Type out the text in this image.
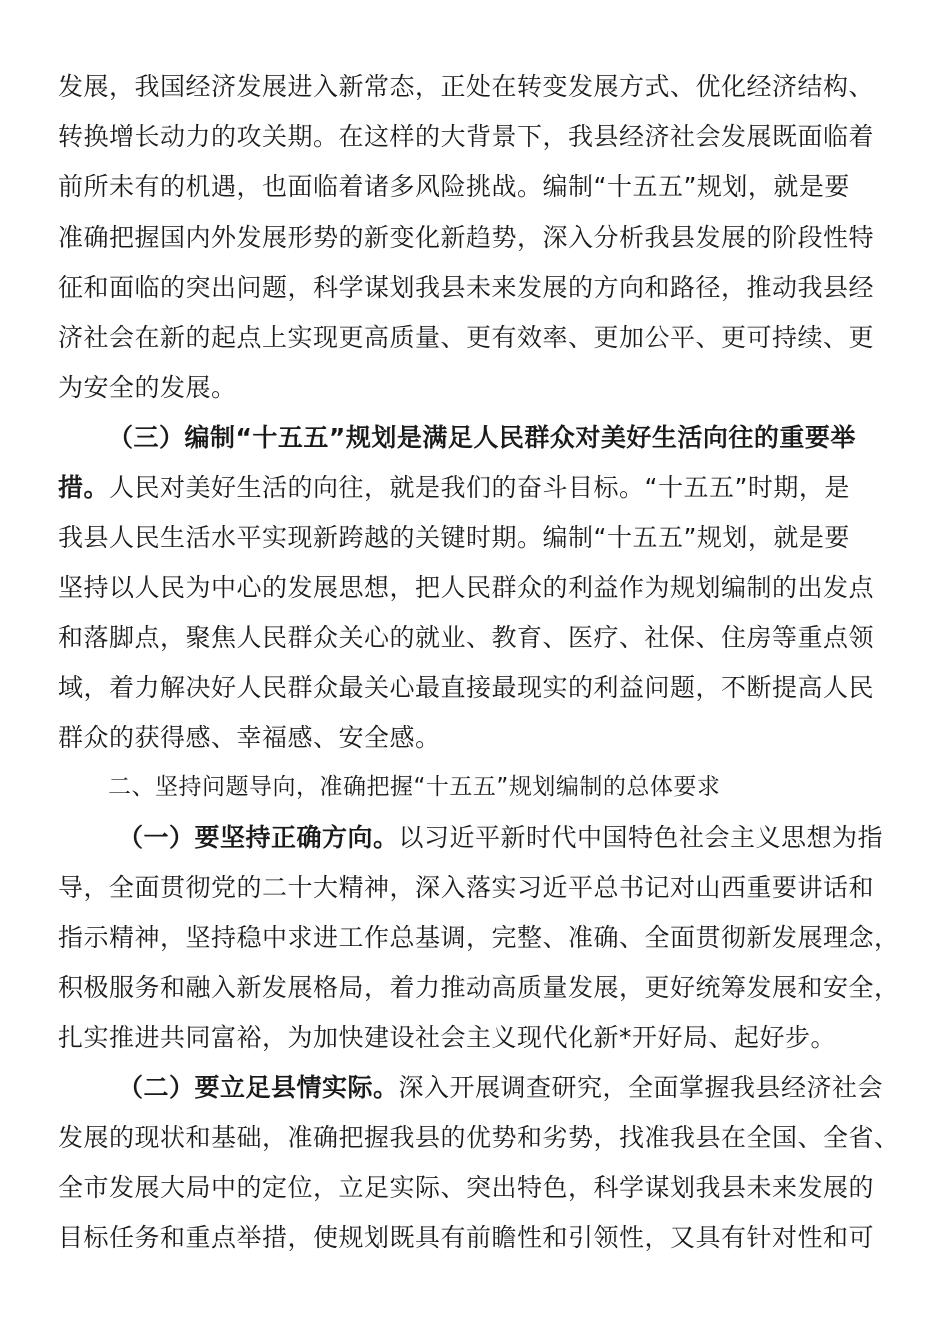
发展，我国经济发展进入新常态，正处在转变发展方式、优化经济结构、

转换增长动力的攻关期。在这样的大背景下，我县经济社会发展既面临着

前所未有的机遇，也面临着诸多风险挑战。编制“十五五”规划，就是要

准确把握国内外发展形势的新变化新趋势，深入分析我县发展的阶段性特

征和面临的突出问题，科学谋划我县未来发展的方向和路径，推动我县经

济社会在新的起点上实现更高质量、更有效率、更加公平、更可持续、更

为安全的发展。

（三）编制“十五五”规划是满足人民群众对美好生活向往的重要举

措。人民对美好生活的向往，就是我们的奋斗目标。“十五五”时期，是

我县人民生活水平实现新跨越的关键时期。编制“十五五”规划，就是要

坚持以人民为中心的发展思想，把人民群众的利益作为规划编制的出发点

和落脚点，聚焦人民群众关心的就业、教育、医疗、社保、住房等重点领

域，着力解决好人民群众最关心最直接最现实的利益问题，不断提高人民

群众的获得感、幸福感、安全感。

二、坚持问题导向，准确把握“十五五”规划编制的总体要求

（一）要坚持正确方向。以习近平新时代中国特色社会主义思想为指

导，全面贯彻党的二十大精神，深入落实习近平总书记对山西重要讲话和

指示精神，坚持稳中求进工作总基调，完整、准确、全面贯彻新发展理念，

积极服务和融入新发展格局，着力推动高质量发展，更好统筹发展和安全，

扎实推进共同富裕，为加快建设社会主义现代化新*开好局、起好步。

（二）要立足县情实际。深入开展调查研究，全面掌握我县经济社会

发展的现状和基础，准确把握我县的优势和劣势，找准我县在全国、全省、

全市发展大局中的定位，立足实际、突出特色，科学谋划我县未来发展的

目标任务和重点举措，使规划既具有前瞻性和引领性，又具有针对性和可
